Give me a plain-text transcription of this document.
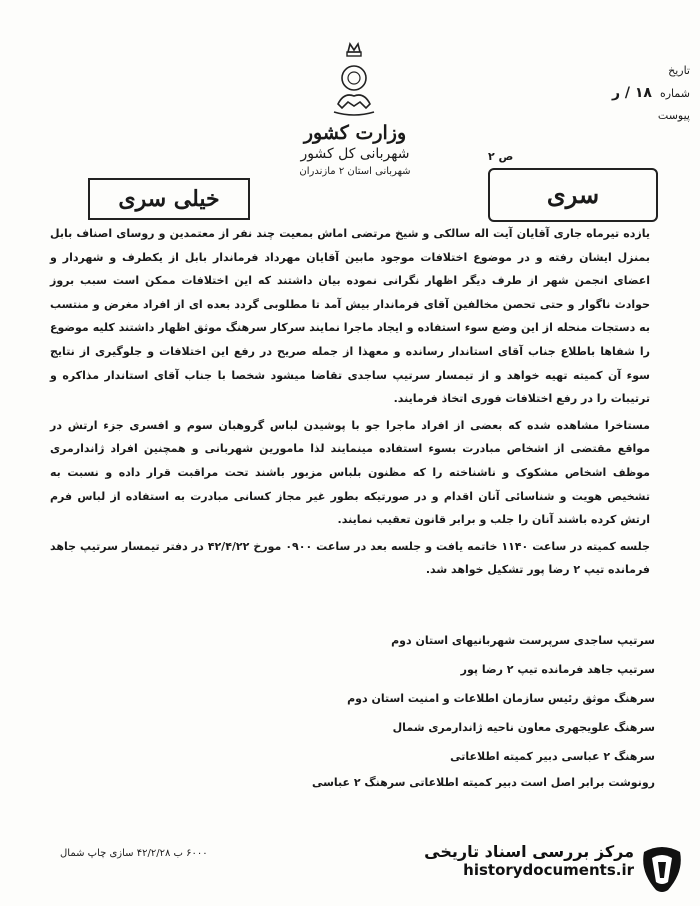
تاریخ
شماره۱۸ / ر
پیوست
وزارت کشور
شهربانی کل کشور
شهربانی استان ۲ مازندران
ص ۲
خیلی سری	سری

یازده تیرماه جاری آقایان آیت اله سالکی و شیخ مرتضی اماش بمعیت چند نفر از معتمدین و روسای اصناف بابل بمنزل ایشان رفته و در موضوع اختلافات موجود مابین آقایان مهرداد فرماندار بابل از یکطرف و شهردار و اعضای انجمن شهر از طرف دیگر اظهار نگرانی نموده بیان داشتند که این اختلافات ممکن است سبب بروز حوادث ناگوار و حتی تحصن مخالفین آقای فرماندار بیش آمد تا مطلوبی گردد بعده ای از افراد مغرض و منتسب به دستجات منحله از این وضع سوء استفاده و ایجاد ماجرا نمایند سرکار سرهنگ موثق اظهار داشتند کلیه موضوع را شفاها باطلاع جناب آقای استاندار رسانده و معهذا از جمله صریح در رفع این اختلافات و جلوگیری از نتایج سوء آن کمیته تهیه خواهد و از تیمسار سرتیپ ساجدی تقاضا میشود شخصا با جناب آقای استاندار مذاکره و ترتیبات را در رفع اختلافات فوری اتخاذ فرمایند.

مستاخرا مشاهده شده که بعضی از افراد ماجرا جو با پوشیدن لباس گروهبان سوم و افسری جزء ارتش در مواقع مقتضی از اشخاص مبادرت بسوء استفاده مینمایند لذا مامورین شهربانی و همچنین افراد ژاندارمری موظف اشخاص مشکوک و ناشناخته را که مظنون بلباس مزبور باشند تحت مراقبت قرار داده و نسبت به تشخیص هویت و شناسائی آنان اقدام و در صورتیکه بطور غیر مجاز کسانی مبادرت به استفاده از لباس فرم ارتش کرده باشند آنان را جلب و برابر قانون تعقیب نمایند.

جلسه کمیته در ساعت ۱۱۴۰ خاتمه یافت و جلسه بعد در ساعت ۰۹۰۰ مورخ ۴۲/۴/۲۲ در دفتر تیمسار سرتیپ جاهد فرمانده تیپ ۲ رضا پور تشکیل خواهد شد.

سرتیپ ساجدی سرپرست شهربانیهای استان دوم
سرتیپ جاهد فرمانده تیپ ۲ رضا پور
سرهنگ موثق رئیس سازمان اطلاعات و امنیت استان دوم
سرهنگ علویجهری معاون ناحیه ژاندارمری شمال
سرهنگ ۲ عباسی دبیر کمیته اطلاعاتی
رونوشت برابر اصل است دبیر کمیته اطلاعاتی سرهنگ ۲ عباسی
۶۰۰۰ ب ۴۲/۲/۲۸ سازی چاپ شمال	مرکز بررسی اسناد تاریخی
historydocuments.ir
